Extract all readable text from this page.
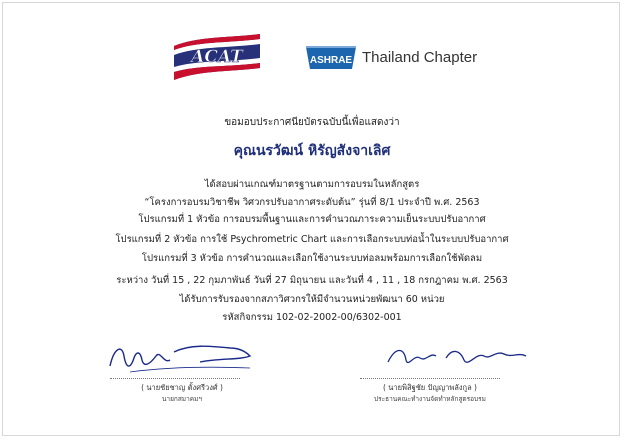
ACAT	ASHRAE Thailand Chapter
ขอมอบประกาศนียบัตรฉบับนี้เพื่อแสดงว่า
คุณนรวัฒน์ หิรัญสังจาเลิศ
ได้สอบผ่านเกณฑ์มาตรฐานตามการอบรมในหลักสูตร
“โครงการอบรมวิชาชีพ วิศวกรปรับอากาศระดับต้น” รุ่นที่ 8/1 ประจำปี พ.ศ. 2563
โปรแกรมที่ 1 หัวข้อ การอบรมพื้นฐานและการคำนวณภาระความเย็นระบบปรับอากาศ
โปรแกรมที่ 2 หัวข้อ การใช้ Psychrometric Chart และการเลือกระบบท่อน้ำในระบบปรับอากาศ
โปรแกรมที่ 3 หัวข้อ การคำนวณและเลือกใช้งานระบบท่อลมพร้อมการเลือกใช้พัดลม
ระหว่าง วันที่ 15 , 22 กุมภาพันธ์ วันที่ 27 มิถุนายน และวันที่ 4 , 11 , 18 กรกฎาคม พ.ศ. 2563
ได้รับการรับรองจากสภาวิศวกรให้มีจำนวนหน่วยพัฒนา 60 หน่วย
รหัสกิจกรรม 102-02-2002-00/6302-001
( นายชัยชาญ ตั้งศรีวงศ์ )
นายกสมาคมฯ
( นายพิสิฐชัย ปัญญาพลังกูล )
ประธานคณะทำงานจัดทำหลักสูตรอบรม
